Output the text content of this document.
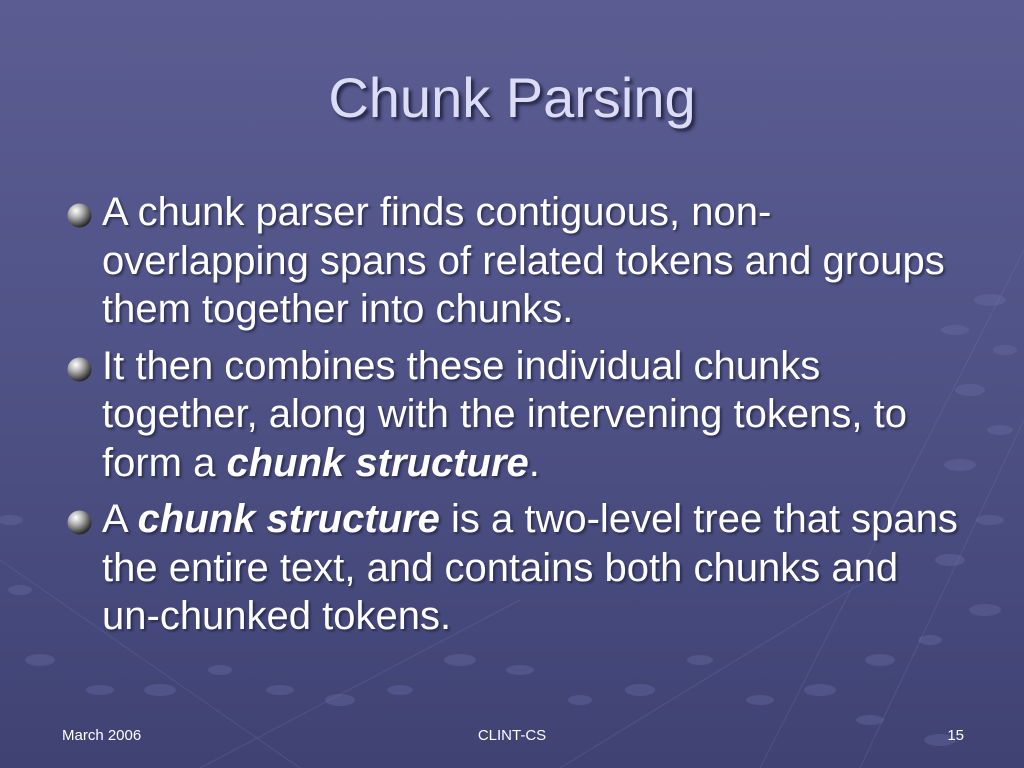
Chunk Parsing
A chunk parser finds contiguous, non-overlapping spans of related tokens and groups them together into chunks.
It then combines these individual chunks together, along with the intervening tokens, to form a chunk structure.
A chunk structure is a two-level tree that spans the entire text, and contains both chunks and un-chunked tokens.
March 2006	CLINT-CS	15
